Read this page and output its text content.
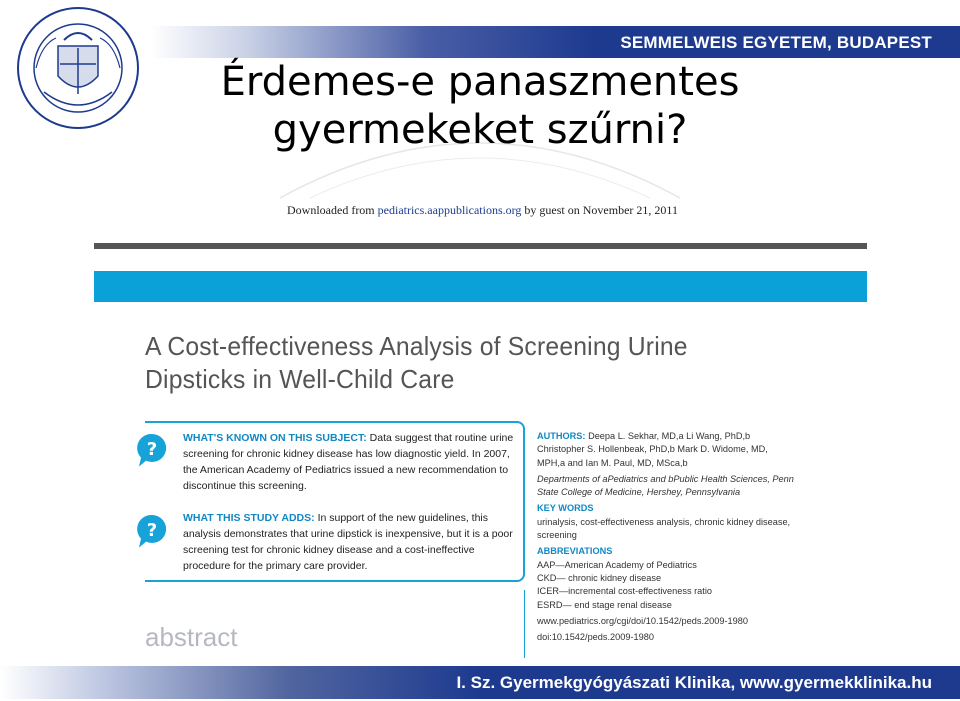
SEMMELWEIS EGYETEM, BUDAPEST
Érdemes-e panaszmentes
gyermekeket szűrni?
Downloaded from pediatrics.aappublications.org by guest on November 21, 2011
A Cost-effectiveness Analysis of Screening Urine
Dipsticks in Well-Child Care
?
?
WHAT'S KNOWN ON THIS SUBJECT: Data suggest that routine urine screening for chronic kidney disease has low diagnostic yield. In 2007, the American Academy of Pediatrics issued a new recommendation to discontinue this screening.
WHAT THIS STUDY ADDS: In support of the new guidelines, this analysis demonstrates that urine dipstick is inexpensive, but it is a poor screening test for chronic kidney disease and a cost-ineffective procedure for the primary care provider.
AUTHORS: Deepa L. Sekhar, MD,a Li Wang, PhD,b Christopher S. Hollenbeak, PhD,b Mark D. Widome, MD, MPH,a and Ian M. Paul, MD, MSca,b
Departments of aPediatrics and bPublic Health Sciences, Penn State College of Medicine, Hershey, Pennsylvania
KEY WORDS
urinalysis, cost-effectiveness analysis, chronic kidney disease, screening
ABBREVIATIONS
AAP—American Academy of Pediatrics
CKD— chronic kidney disease
ICER—incremental cost-effectiveness ratio
ESRD— end stage renal disease
www.pediatrics.org/cgi/doi/10.1542/peds.2009-1980
doi:10.1542/peds.2009-1980
abstract
I. Sz. Gyermekgyógyászati Klinika, www.gyermekklinika.hu
